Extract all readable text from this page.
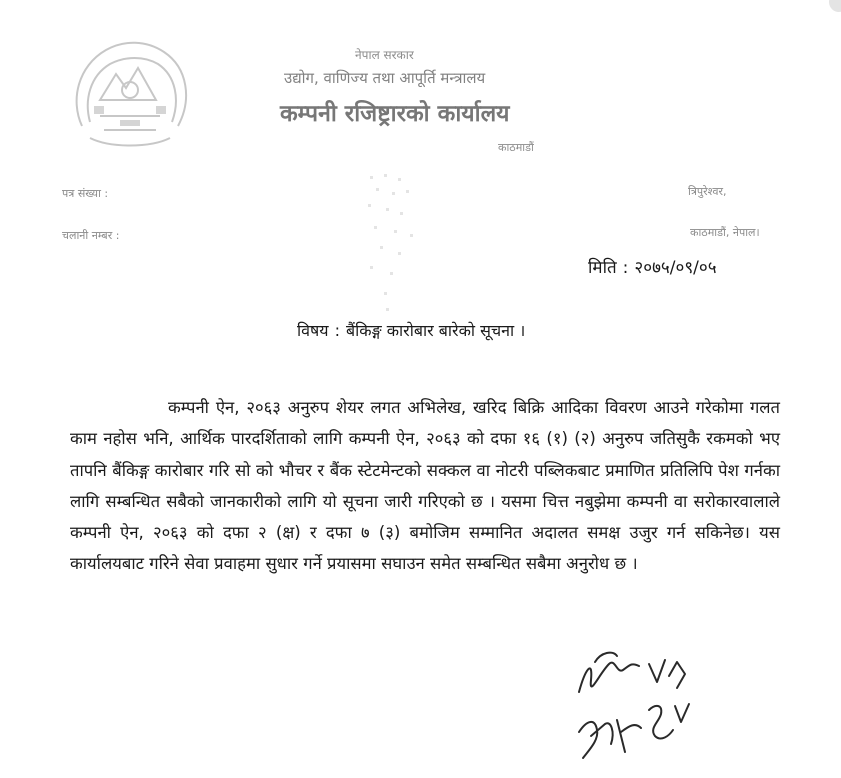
नेपाल सरकार
उद्योग, वाणिज्य तथा आपूर्ति मन्त्रालय
कम्पनी रजिष्ट्रारको कार्यालय
काठमाडौं
पत्र संख्या :
चलानी नम्बर :
त्रिपुरेश्वर,
काठमाडौं, नेपाल।
मिति : २०७५/०९/०५
विषय : बैंकिङ्ग कारोबार बारेको सूचना ।

कम्पनी ऐन, २०६३ अनुरुप शेयर लगत अभिलेख, खरिद बिक्रि आदिका विवरण आउने गरेकोमा गलत काम नहोस भनि, आर्थिक पारदर्शिताको लागि कम्पनी ऐन, २०६३ को दफा १६ (१) (२) अनुरुप जतिसुकै रकमको भए तापनि बैंकिङ्ग कारोबार गरि सो को भौचर र बैंक स्टेटमेन्टको सक्कल वा नोटरी पब्लिकबाट प्रमाणित प्रतिलिपि पेश गर्नका लागि सम्बन्धित सबैको जानकारीको लागि यो सूचना जारी गरिएको छ । यसमा चित्त नबुझेमा कम्पनी वा सरोकारवालाले कम्पनी ऐन, २०६३ को दफा २ (क्ष) र दफा ७ (३) बमोजिम सम्मानित अदालत समक्ष उजुर गर्न सकिनेछ। यस कार्यालयबाट गरिने सेवा प्रवाहमा सुधार गर्ने प्रयासमा सघाउन समेत सम्बन्धित सबैमा अनुरोध छ ।
